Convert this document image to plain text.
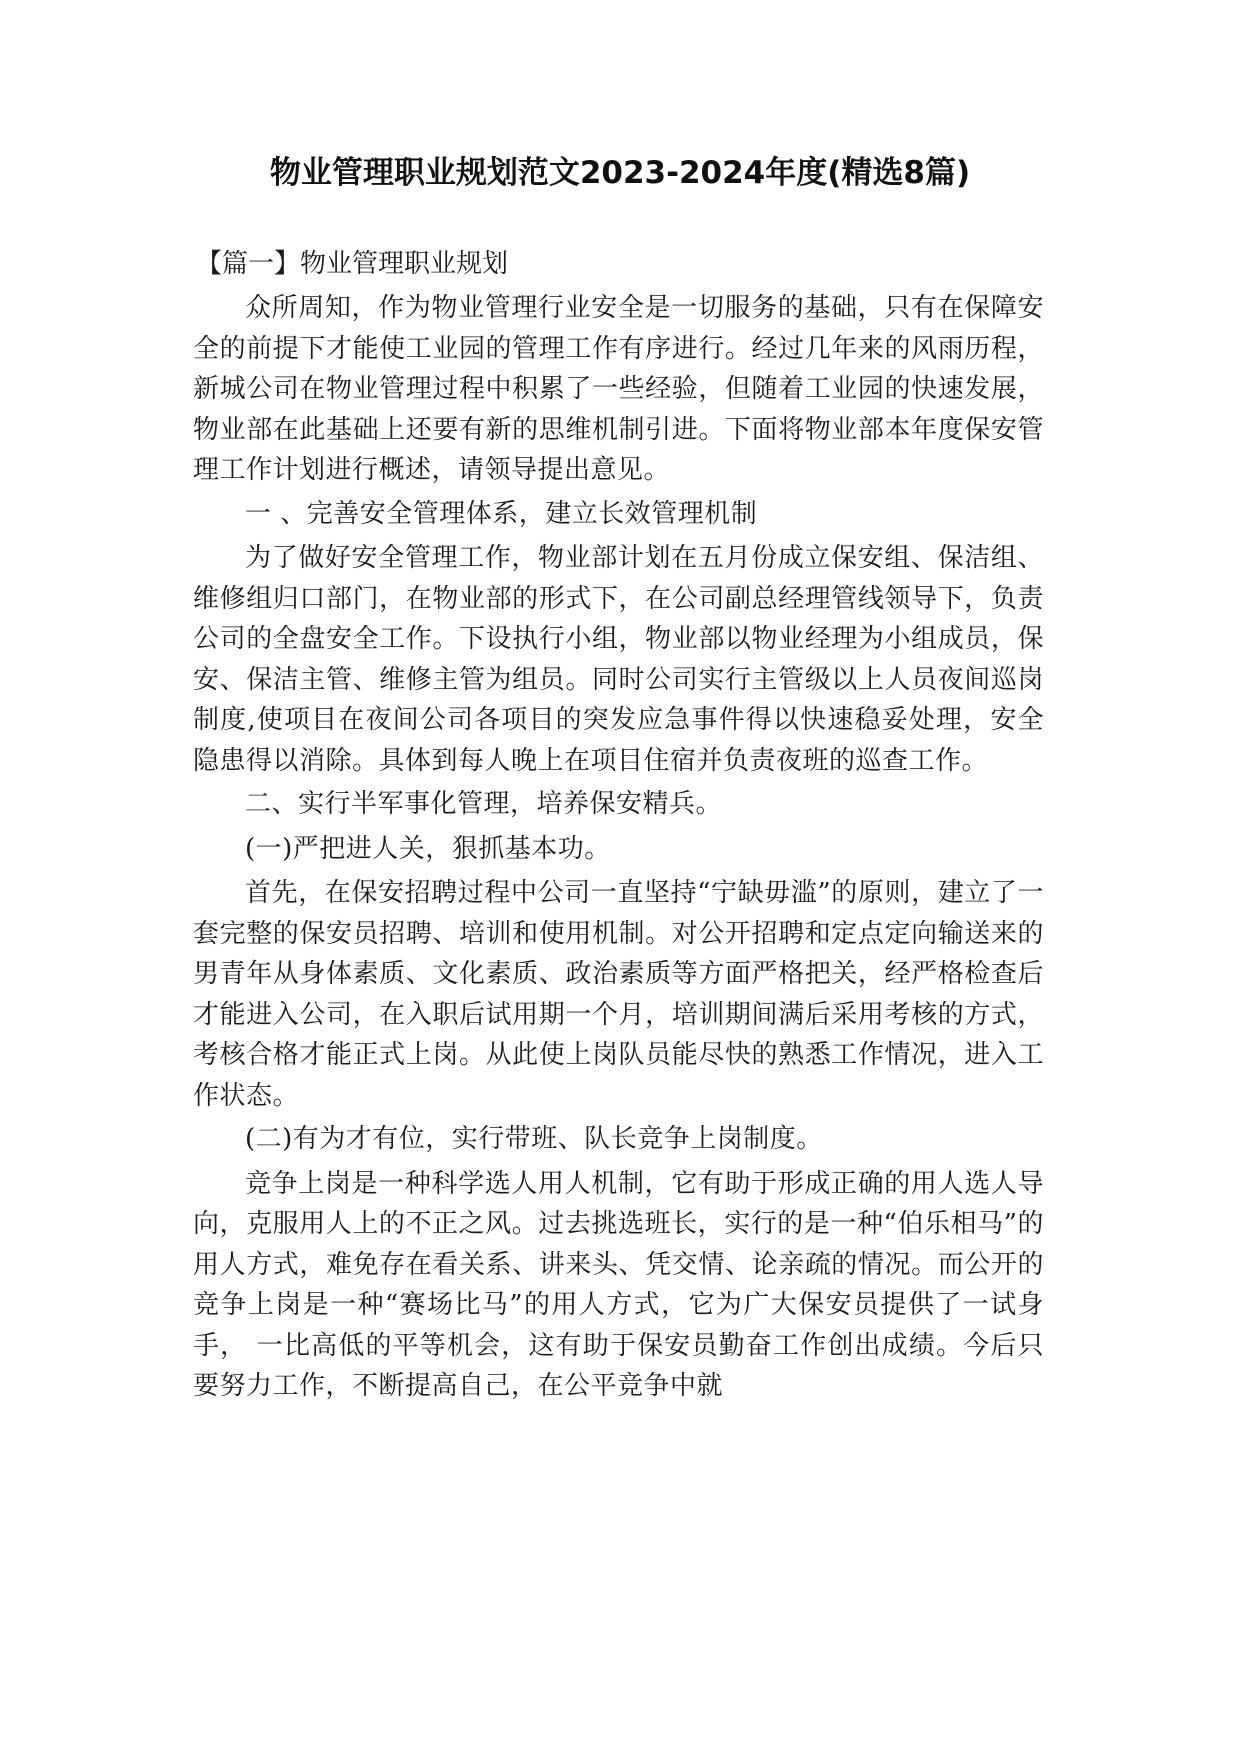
物业管理职业规划范文2023-2024年度(精选8篇)
【篇一】物业管理职业规划

众所周知，作为物业管理行业安全是一切服务的基础，只有在保障安全的前提下才能使工业园的管理工作有序进行。经过几年来的风雨历程，新城公司在物业管理过程中积累了一些经验，但随着工业园的快速发展，物业部在此基础上还要有新的思维机制引进。下面将物业部本年度保安管理工作计划进行概述，请领导提出意见。

一 、完善安全管理体系，建立长效管理机制

为了做好安全管理工作，物业部计划在五月份成立保安组、保洁组、维修组归口部门，在物业部的形式下，在公司副总经理管线领导下，负责公司的全盘安全工作。下设执行小组，物业部以物业经理为小组成员，保安、保洁主管、维修主管为组员。同时公司实行主管级以上人员夜间巡岗制度,使项目在夜间公司各项目的突发应急事件得以快速稳妥处理，安全隐患得以消除。具体到每人晚上在项目住宿并负责夜班的巡查工作。

二、实行半军事化管理，培养保安精兵。

(一)严把进人关，狠抓基本功。

首先，在保安招聘过程中公司一直坚持“宁缺毋滥”的原则，建立了一套完整的保安员招聘、培训和使用机制。对公开招聘和定点定向输送来的男青年从身体素质、文化素质、政治素质等方面严格把关，经严格检查后才能进入公司，在入职后试用期一个月，培训期间满后采用考核的方式，考核合格才能正式上岗。从此使上岗队员能尽快的熟悉工作情况，进入工作状态。

(二)有为才有位，实行带班、队长竞争上岗制度。

竞争上岗是一种科学选人用人机制，它有助于形成正确的用人选人导向，克服用人上的不正之风。过去挑选班长，实行的是一种“伯乐相马”的用人方式，难免存在看关系、讲来头、凭交情、论亲疏的情况。而公开的竞争上岗是一种“赛场比马”的用人方式，它为广大保安员提供了一试身手， 一比高低的平等机会，这有助于保安员勤奋工作创出成绩。今后只要努力工作，不断提高自己，在公平竞争中就
